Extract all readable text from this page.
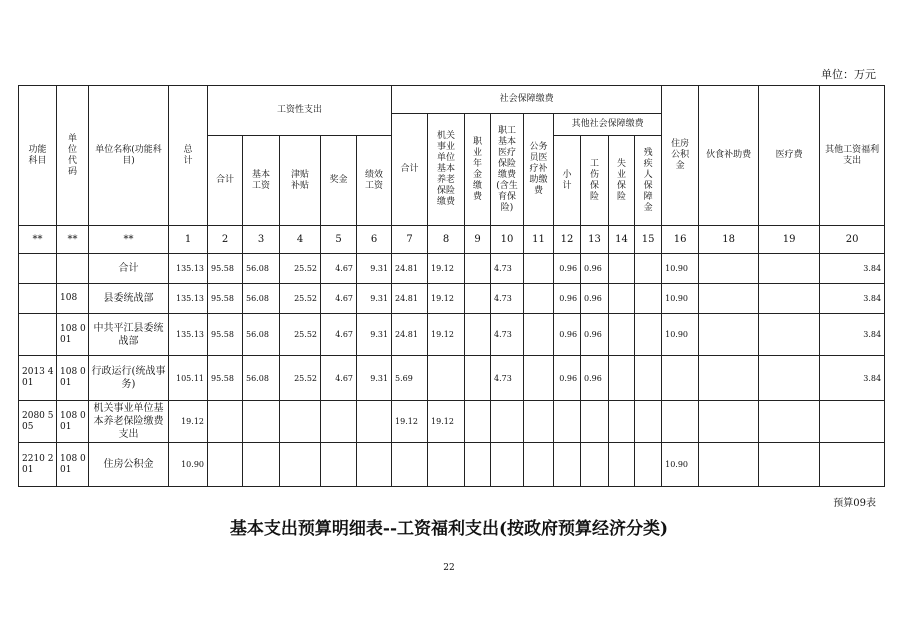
单位：万元
功能科目	单位代码	单位名称(功能科目)	总计	工资性支出					社会保障缴费									住房公积金	伙食补助费	医疗费	其他工资福利支出
									合计	机关事业单位基本养老保险缴费	职业年金缴费	职工基本医疗保险缴费(含生育保险)	公务员医疗补助缴费	其他社会保障缴费							
				合计	基本工资	津贴补贴	奖金	绩效工资						小计	工伤保险	失业保险	残疾人保障金				

**	**	**	1	2	3	4	5	6	7	8	9	10	11	12	13	14	15	16	18	19	20
		合计	135.13	95.58	56.08	25.52	4.67	9.31	24.81	19.12		4.73		0.96	0.96			10.90			3.84
	108	县委统战部	135.13	95.58	56.08	25.52	4.67	9.31	24.81	19.12		4.73		0.96	0.96			10.90			3.84
	108 001	中共平江县委统战部	135.13	95.58	56.08	25.52	4.67	9.31	24.81	19.12		4.73		0.96	0.96			10.90			3.84
2013 401	108 001	行政运行(统战事务)	105.11	95.58	56.08	25.52	4.67	9.31	5.69			4.73		0.96	0.96						3.84
2080 505	108 001	机关事业单位基本养老保险缴费支出	19.12						19.12	19.12											
2210 201	108 001	住房公积金	10.90															10.90			
预算09表
基本支出预算明细表--工资福利支出(按政府预算经济分类)
22
